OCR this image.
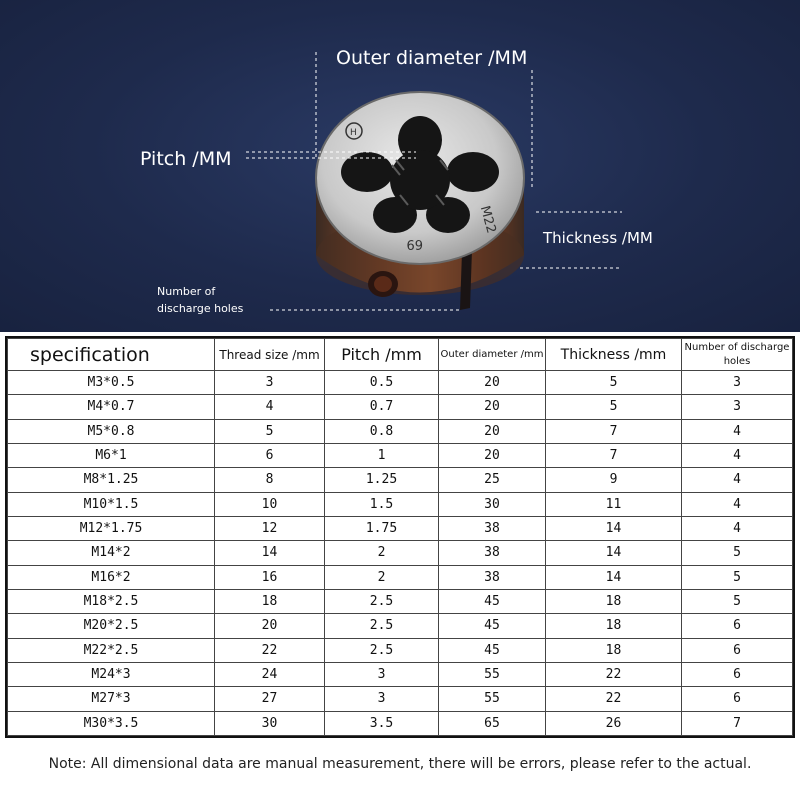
H
M22
69
Outer diameter /MM
Pitch /MM
Thickness /MM
Number of
discharge holes
specification	Thread size /mm	Pitch /mm	Outer diameter /mm	Thickness /mm	Number of discharge holes
M3*0.5	3	0.5	20	5	3
M4*0.7	4	0.7	20	5	3
M5*0.8	5	0.8	20	7	4
M6*1	6	1	20	7	4
M8*1.25	8	1.25	25	9	4
M10*1.5	10	1.5	30	11	4
M12*1.75	12	1.75	38	14	4
M14*2	14	2	38	14	5
M16*2	16	2	38	14	5
M18*2.5	18	2.5	45	18	5
M20*2.5	20	2.5	45	18	6
M22*2.5	22	2.5	45	18	6
M24*3	24	3	55	22	6
M27*3	27	3	55	22	6
M30*3.5	30	3.5	65	26	7
Note: All dimensional data are manual measurement, there will be errors, please refer to the actual.
